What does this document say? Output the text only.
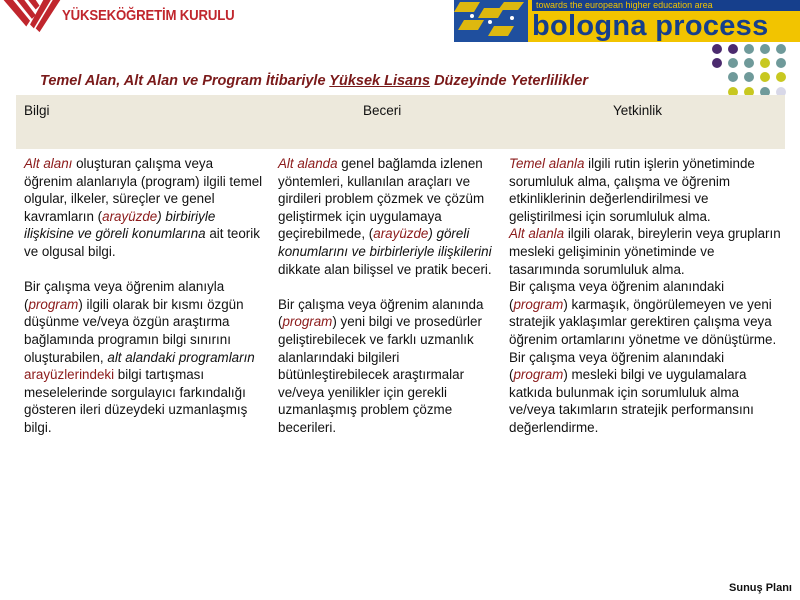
YÜKSEKÖĞRETİM KURULU
towards the european higher education area
bologna process
Temel Alan, Alt Alan ve Program İtibariyle Yüksek Lisans Düzeyinde Yeterlilikler
Bilgi	Beceri	Yetkinlik

Alt alanı oluşturan çalışma veya öğrenim alanlarıyla (program) ilgili temel olgular, ilkeler, süreçler ve genel kavramların (arayüzde) birbiriyle ilişkisine ve göreli konumlarına ait teorik ve olgusal bilgi.

Bir çalışma veya öğrenim alanıyla (program) ilgili olarak bir kısmı özgün düşünme ve/veya özgün araştırma bağlamında programın bilgi sınırını oluşturabilen, alt alandaki programların arayüzlerindeki bilgi tartışması meselelerinde sorgulayıcı farkındalığı gösteren ileri düzeydeki uzmanlaşmış bilgi.

Alt alanda genel bağlamda izlenen yöntemleri, kullanılan araçları ve girdileri problem çözmek ve çözüm geliştirmek için uygulamaya geçirebilmede, (arayüzde) göreli konumlarını ve birbirleriyle ilişkilerini dikkate alan bilişsel ve pratik beceri.

Bir çalışma veya öğrenim alanında (program) yeni bilgi ve prosedürler geliştirebilecek ve farklı uzmanlık alanlarındaki bilgileri bütünleştirebilecek araştırmalar ve/veya yenilikler için gerekli uzmanlaşmış problem çözme becerileri.

Temel alanla ilgili rutin işlerin yönetiminde sorumluluk alma, çalışma ve öğrenim etkinliklerinin değerlendirilmesi ve geliştirilmesi için sorumluluk alma.

Alt alanla ilgili olarak, bireylerin veya grupların mesleki gelişiminin yönetiminde ve tasarımında sorumluluk alma.

Bir çalışma veya öğrenim alanındaki (program) karmaşık, öngörülemeyen ve yeni stratejik yaklaşımlar gerektiren çalışma veya öğrenim ortamlarını yönetme ve dönüştürme.

Bir çalışma veya öğrenim alanındaki (program) mesleki bilgi ve uygulamalara katkıda bulunmak için sorumluluk alma ve/veya takımların stratejik performansını değerlendirme.

Sunuş Planı
